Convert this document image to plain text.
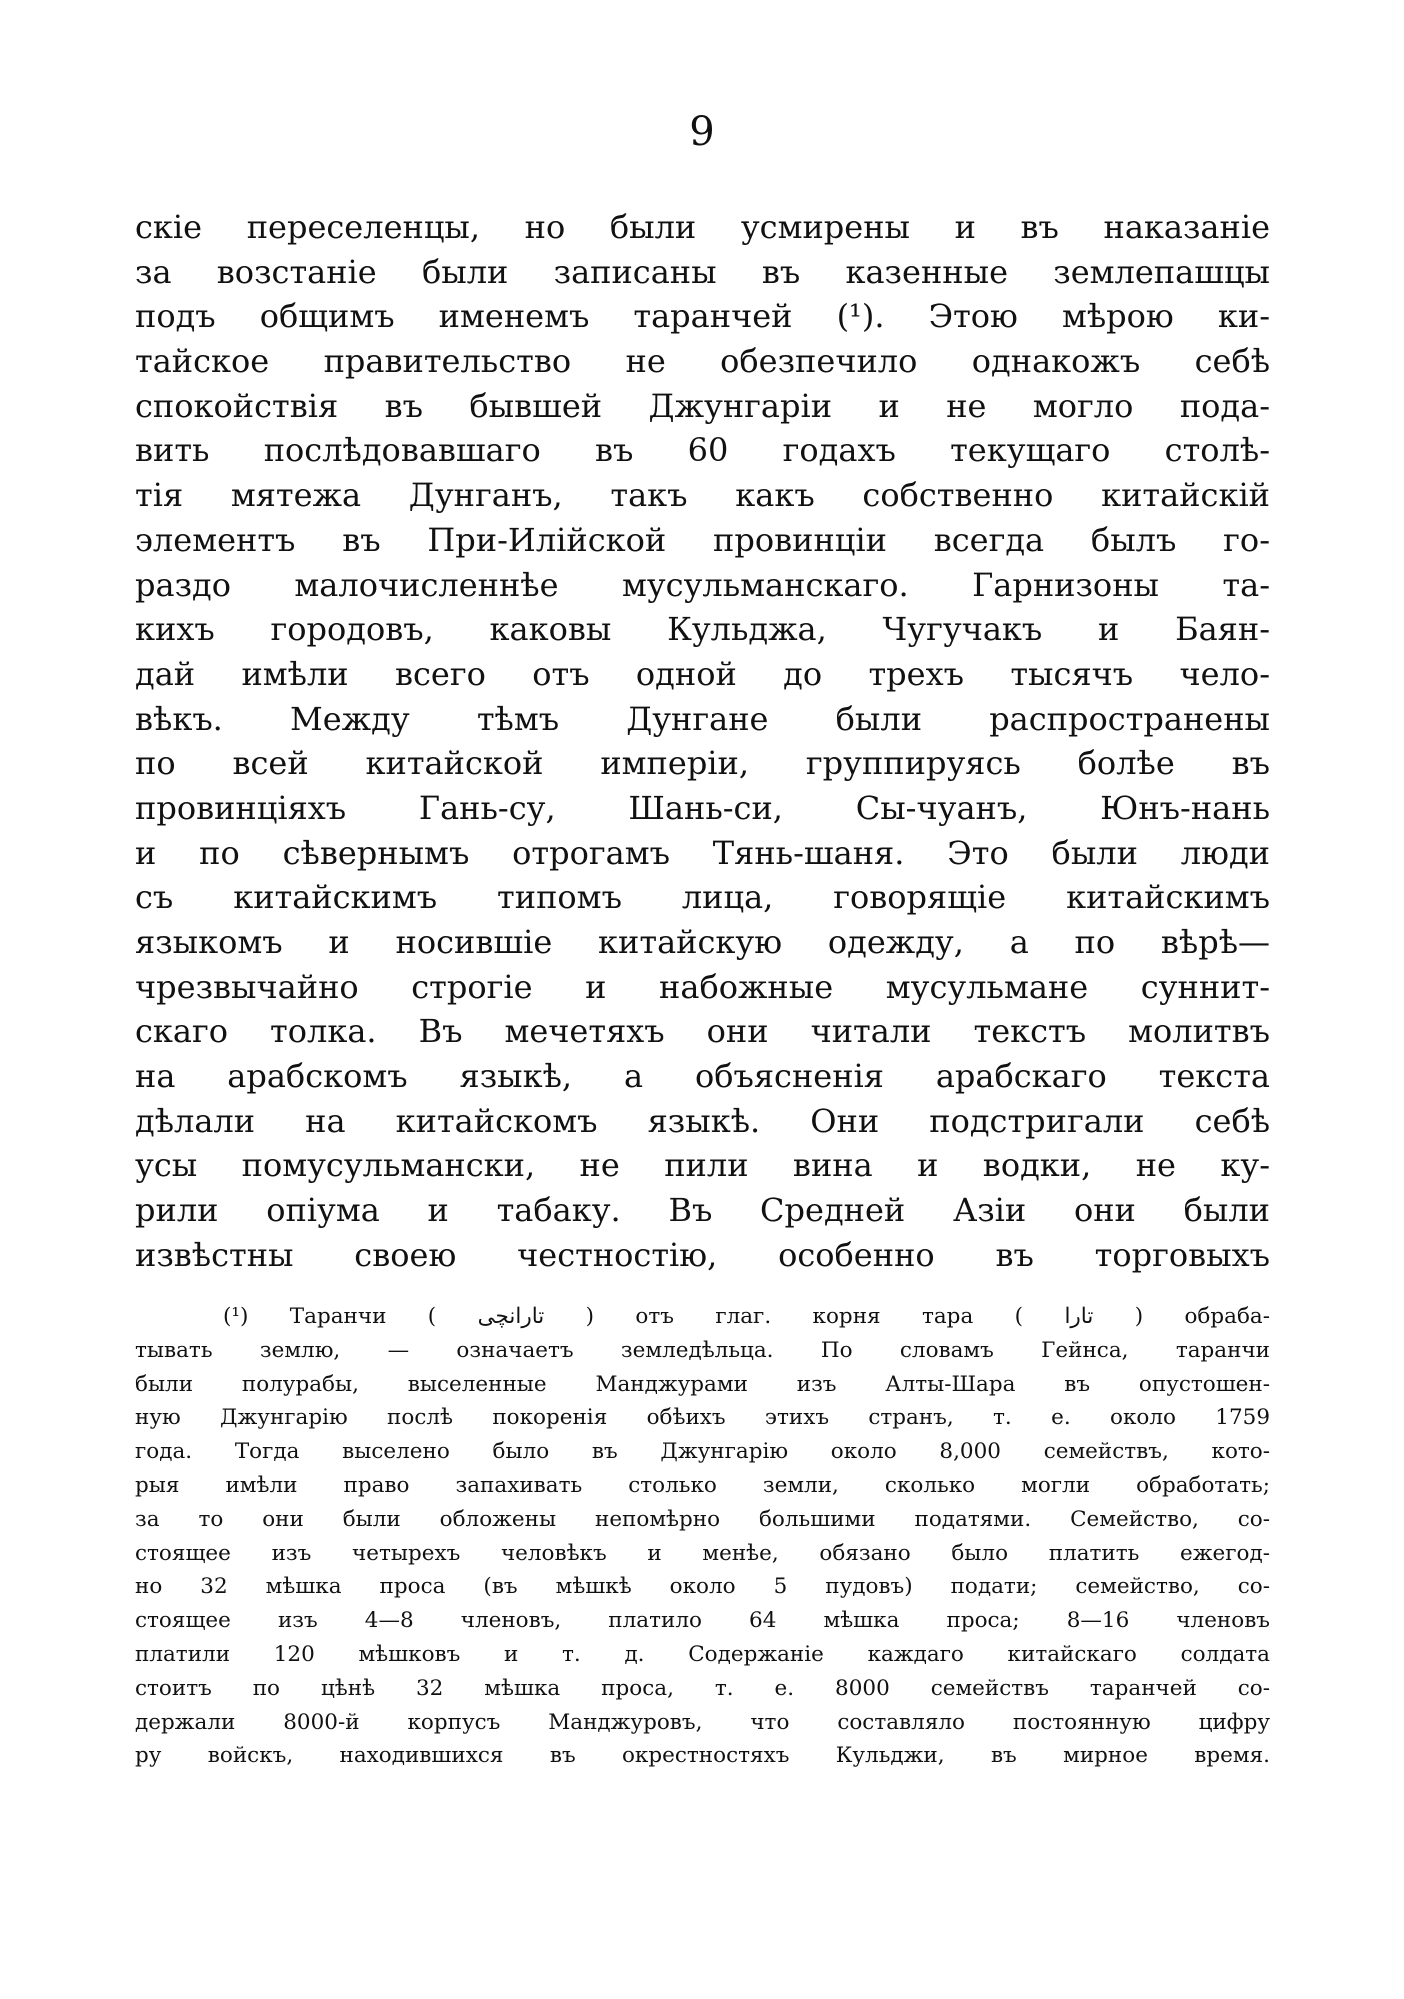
9
скіе переселенцы, но были усмирены и въ наказаніе
за возстаніе были записаны въ казенные землепашцы
подъ общимъ именемъ таранчей (¹). Этою мѣрою ки-
тайское правительство не обезпечило однакожъ себѣ
спокойствія въ бывшей Джунгаріи и не могло пода-
вить послѣдовавшаго въ 60 годахъ текущаго столѣ-
тія мятежа Дунганъ, такъ какъ собственно китайскій
элементъ въ При-Илійской провинціи всегда былъ го-
раздо малочисленнѣе мусульманскаго. Гарнизоны та-
кихъ городовъ, каковы Кульджа, Чугучакъ и Баян-
дай имѣли всего отъ одной до трехъ тысячъ чело-
вѣкъ. Между тѣмъ Дунгане были распространены
по всей китайской имперіи, группируясь болѣе въ
провинціяхъ Гань-су, Шань-си, Сы-чуанъ, Юнъ-нань
и по сѣвернымъ отрогамъ Тянь-шаня. Это были люди
съ китайскимъ типомъ лица, говорящіе китайскимъ
языкомъ и носившіе китайскую одежду, а по вѣрѣ—
чрезвычайно строгіе и набожные мусульмане суннит-
скаго толка. Въ мечетяхъ они читали текстъ молитвъ
на арабскомъ языкѣ, а объясненія арабскаго текста
дѣлали на китайскомъ языкѣ. Они подстригали себѣ
усы помусульмански, не пили вина и водки, не ку-
рили опіума и табаку. Въ Средней Азіи они были
извѣстны своею честностію, особенно въ торговыхъ
(¹) Таранчи ( تارانچى ) отъ глаг. корня тара ( تارا ) обраба-
тывать землю, — означаетъ земледѣльца. По словамъ Гейнса, таранчи
были полурабы, выселенные Манджурами изъ Алты-Шара въ опустошен-
ную Джунгарію послѣ покоренія обѣихъ этихъ странъ, т. е. около 1759
года. Тогда выселено было въ Джунгарію около 8,000 семействъ, кото-
рыя имѣли право запахивать столько земли, сколько могли обработать;
за то они были обложены непомѣрно большими податями. Семейство, со-
стоящее изъ четырехъ человѣкъ и менѣе, обязано было платить ежегод-
но 32 мѣшка проса (въ мѣшкѣ около 5 пудовъ) подати; семейство, со-
стоящее изъ 4—8 членовъ, платило 64 мѣшка проса; 8—16 членовъ
платили 120 мѣшковъ и т. д. Содержаніе каждаго китайскаго солдата
стоитъ по цѣнѣ 32 мѣшка проса, т. е. 8000 семействъ таранчей со-
держали 8000-й корпусъ Манджуровъ, что составляло постоянную цифру
ру войскъ, находившихся въ окрестностяхъ Кульджи, въ мирное время.
